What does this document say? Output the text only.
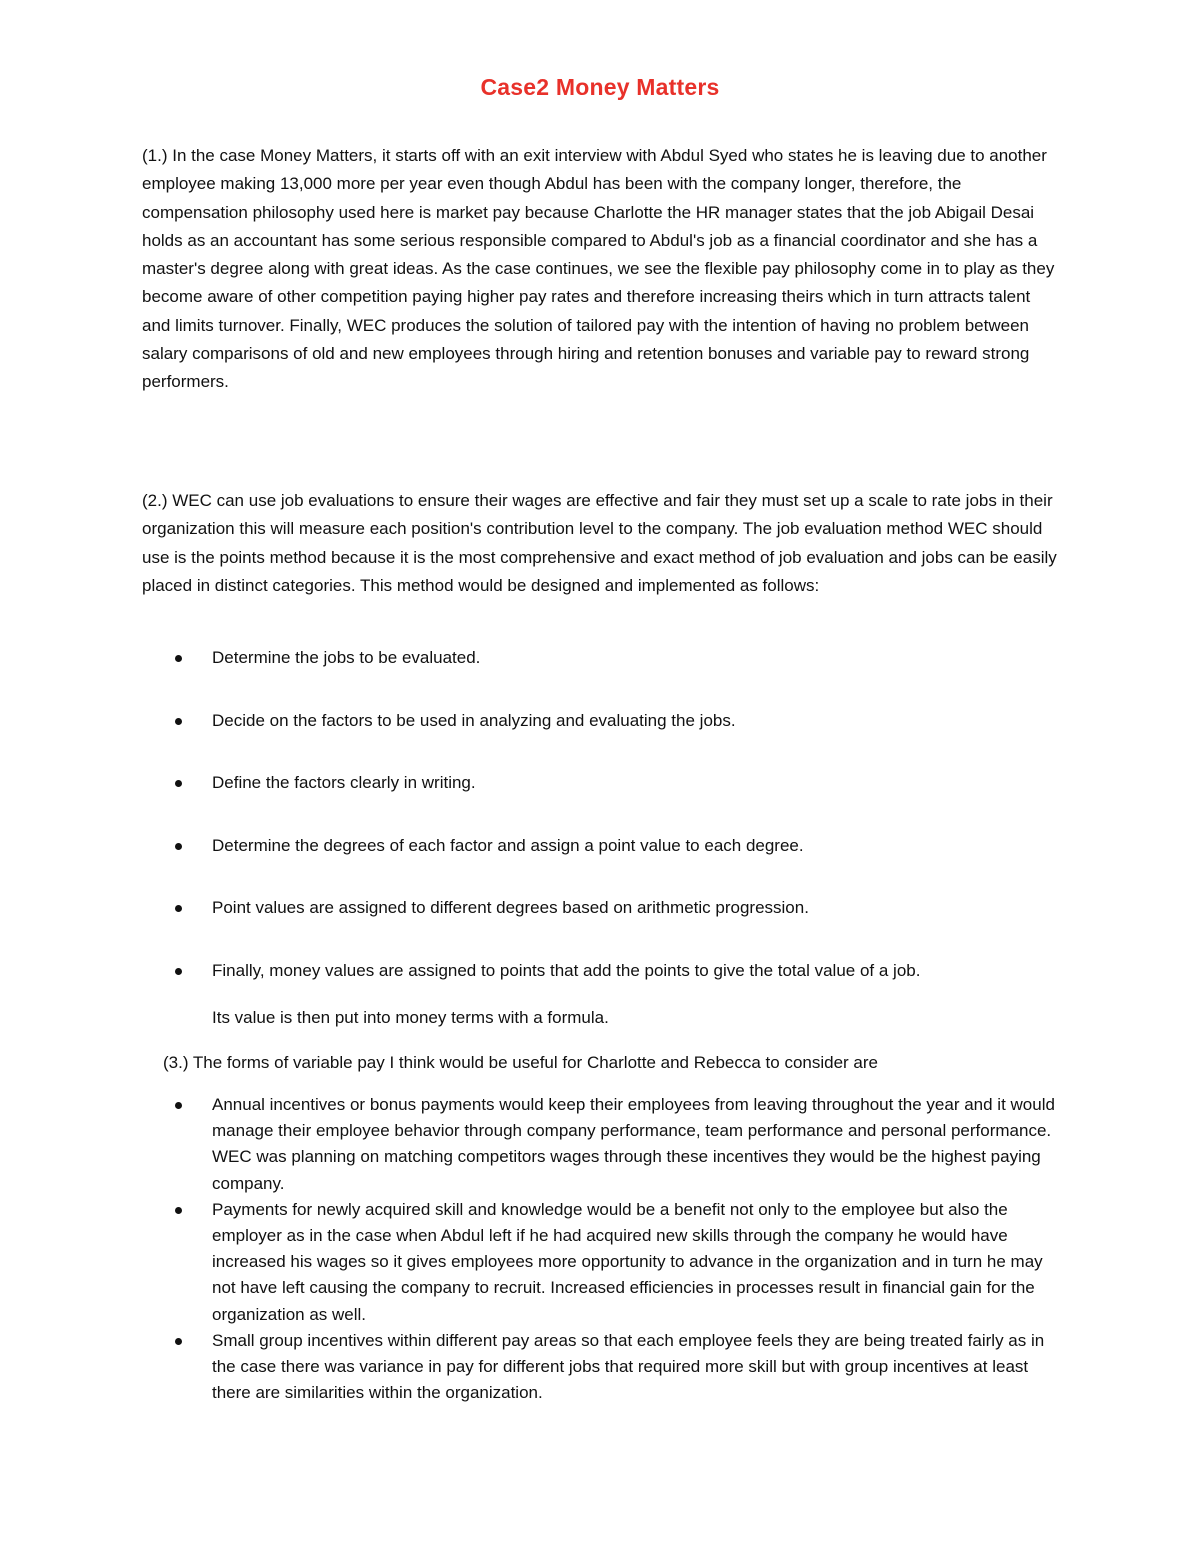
Case2 Money Matters

(1.) In the case Money Matters, it starts off with an exit interview with Abdul Syed who states he is leaving due to another employee making 13,000 more per year even though Abdul has been with the company longer, therefore, the compensation philosophy used here is market pay because Charlotte the HR manager states that the job Abigail Desai holds as an accountant has some serious responsible compared to Abdul's job as a financial coordinator and she has a master's degree along with great ideas. As the case continues, we see the flexible pay philosophy come in to play as they become aware of other competition paying higher pay rates and therefore increasing theirs which in turn attracts talent and limits turnover. Finally, WEC produces the solution of tailored pay with the intention of having no problem between salary comparisons of old and new employees through hiring and retention bonuses and variable pay to reward strong performers.

(2.) WEC can use job evaluations to ensure their wages are effective and fair they must set up a scale to rate jobs in their organization this will measure each position's contribution level to the company. The job evaluation method WEC should use is the points method because it is the most comprehensive and exact method of job evaluation and jobs can be easily placed in distinct categories. This method would be designed and implemented as follows:

Determine the jobs to be evaluated.
Decide on the factors to be used in analyzing and evaluating the jobs.
Define the factors clearly in writing.
Determine the degrees of each factor and assign a point value to each degree.
Point values are assigned to different degrees based on arithmetic progression.
Finally, money values are assigned to points that add the points to give the total value of a job.

Its value is then put into money terms with a formula.

(3.) The forms of variable pay I think would be useful for Charlotte and Rebecca to consider are

Annual incentives or bonus payments would keep their employees from leaving throughout the year and it would manage their employee behavior through company performance, team performance and personal performance. WEC was planning on matching competitors wages through these incentives they would be the highest paying company.
Payments for newly acquired skill and knowledge would be a benefit not only to the employee but also the employer as in the case when Abdul left if he had acquired new skills through the company he would have increased his wages so it gives employees more opportunity to advance in the organization and in turn he may not have left causing the company to recruit. Increased efficiencies in processes result in financial gain for the organization as well.
Small group incentives within different pay areas so that each employee feels they are being treated fairly as in the case there was variance in pay for different jobs that required more skill but with group incentives at least there are similarities within the organization.
